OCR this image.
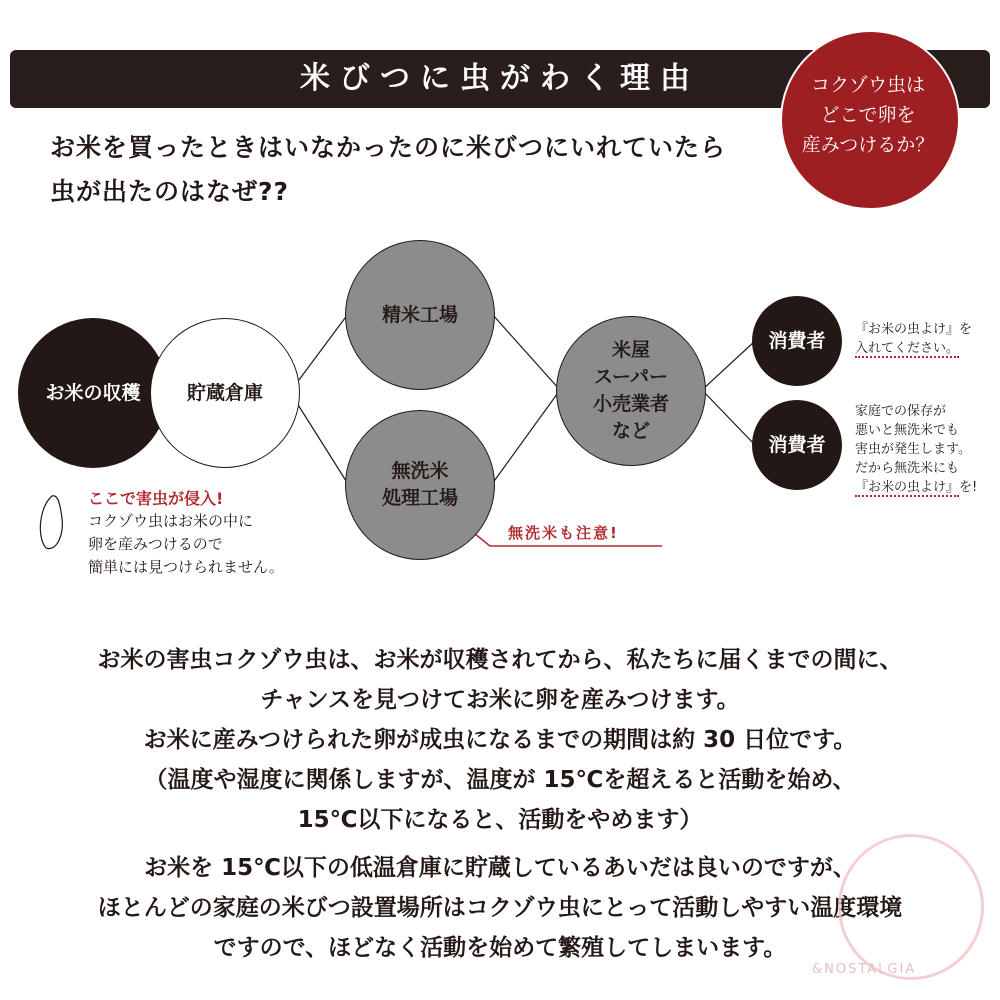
米びつに虫がわく理由	コクゾウ虫は
どこで卵を
産みつけるか？
お米を買ったときはいなかったのに米びつにいれていたら
虫が出たのはなぜ??
お米の収穫 貯蔵倉庫
精米工場
無洗米
処理工場
米屋
スーパー
小売業者
など
消費者
消費者
ここで害虫が侵入!
コクゾウ虫はお米の中に
卵を産みつけるので
簡単には見つけられません。
無洗米も注意!
『お米の虫よけ』を
入れてください。
家庭での保存が
悪いと無洗米でも
害虫が発生します。
だから無洗米にも
『お米の虫よけ』を!
お米の害虫コクゾウ虫は、お米が収穫されてから、私たちに届くまでの間に、
チャンスを見つけてお米に卵を産みつけます。
お米に産みつけられた卵が成虫になるまでの期間は約 30 日位です。
（温度や湿度に関係しますが、温度が 15℃を超えると活動を始め、
15℃以下になると、活動をやめます）
お米を 15℃以下の低温倉庫に貯蔵しているあいだは良いのですが、
ほとんどの家庭の米びつ設置場所はコクゾウ虫にとって活動しやすい温度環境
ですので、ほどなく活動を始めて繁殖してしまいます。
&NOSTALGIA
